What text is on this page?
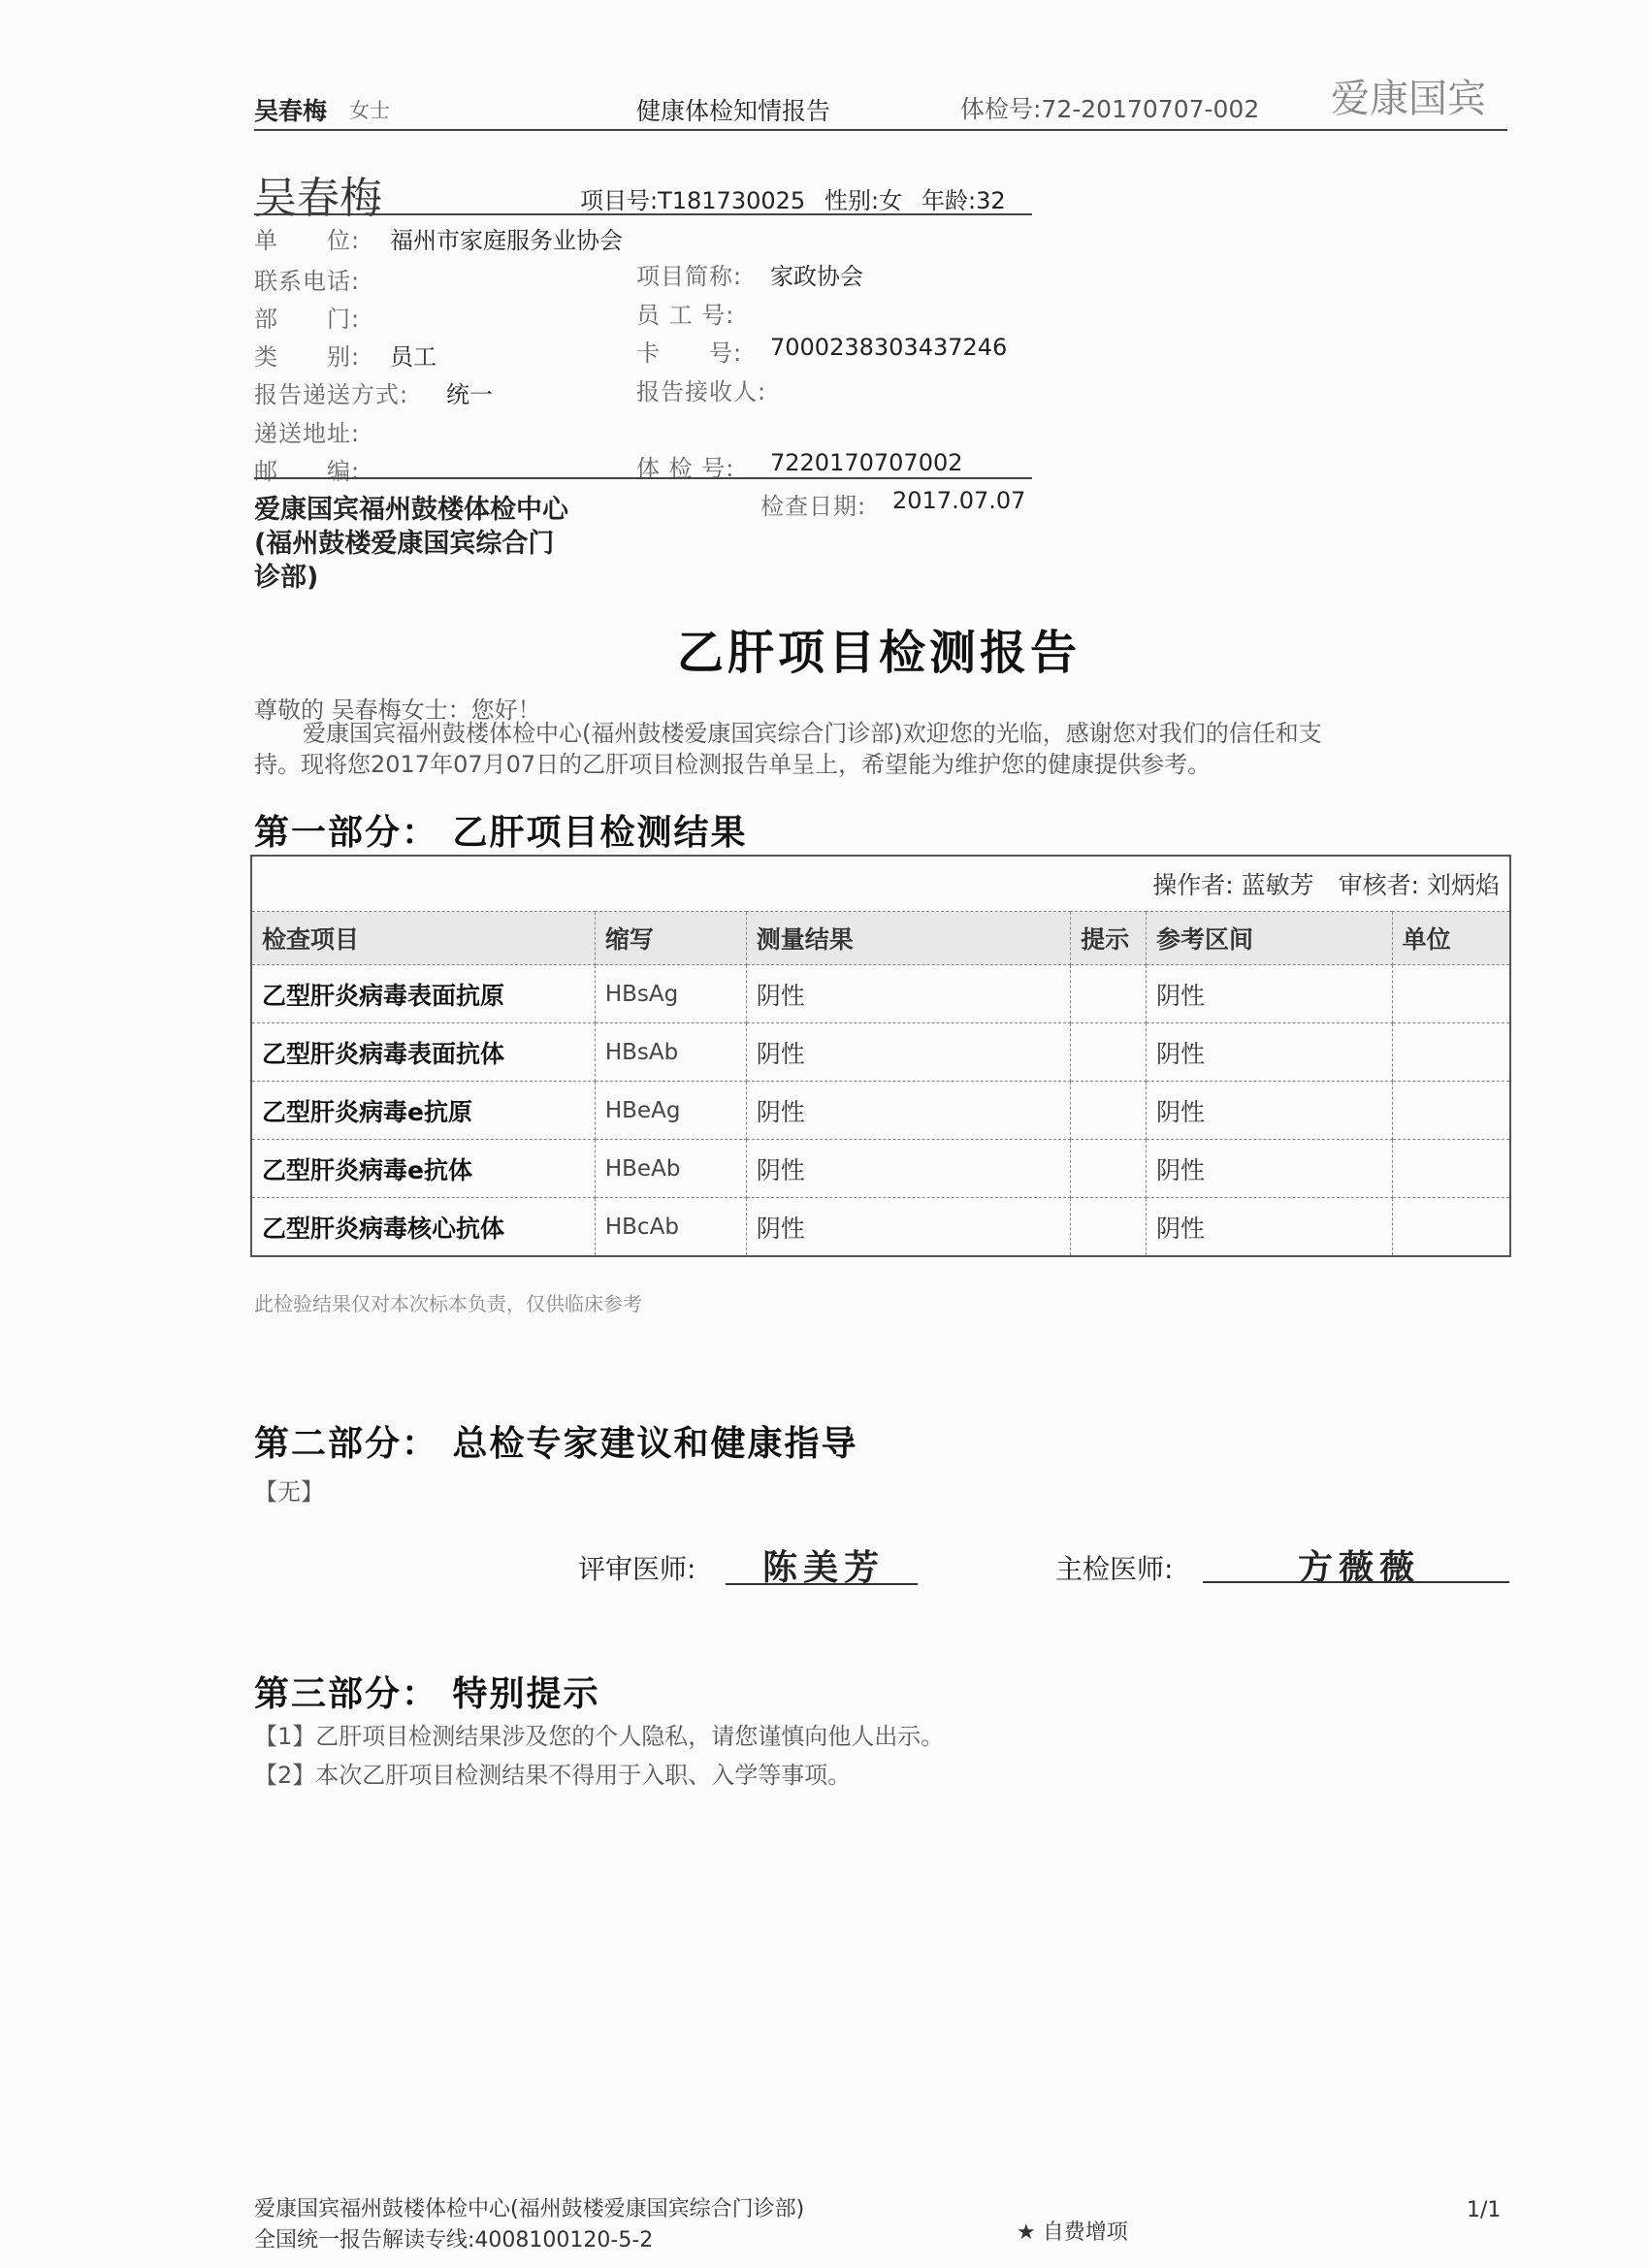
吴春梅 女士	健康体检知情报告	体检号:72-20170707-002 爱康国宾
吴春梅	项目号:T181730025 性别:女 年龄:32
单　　位: 福州市家庭服务业协会
联系电话:
部　　门:
类　　别: 员工
报告递送方式: 统一
递送地址:
邮　　编:
项目简称: 家政协会
员 工 号:
卡　　号: 7000238303437246
报告接收人:
体 检 号: 7220170707002
爱康国宾福州鼓楼体检中心
(福州鼓楼爱康国宾综合门
诊部)
检查日期: 2017.07.07
乙肝项目检测报告
尊敬的 吴春梅女士：您好！
爱康国宾福州鼓楼体检中心(福州鼓楼爱康国宾综合门诊部)欢迎您的光临，感谢您对我们的信任和支
持。现将您2017年07月07日的乙肝项目检测报告单呈上，希望能为维护您的健康提供参考。
第一部分： 乙肝项目检测结果
操作者: 蓝敏芳　审核者: 刘炳焰					
检查项目	缩写	测量结果	提示	参考区间	单位
乙型肝炎病毒表面抗原	HBsAg	阴性		阴性	
乙型肝炎病毒表面抗体	HBsAb	阴性		阴性	
乙型肝炎病毒e抗原	HBeAg	阴性		阴性	
乙型肝炎病毒e抗体	HBeAb	阴性		阴性	
乙型肝炎病毒核心抗体	HBcAb	阴性		阴性	
此检验结果仅对本次标本负责，仅供临床参考
第二部分： 总检专家建议和健康指导
【无】
评审医师: 陈美芳	主检医师:	方薇薇
第三部分： 特别提示
【1】乙肝项目检测结果涉及您的个人隐私，请您谨慎向他人出示。
【2】本次乙肝项目检测结果不得用于入职、入学等事项。
爱康国宾福州鼓楼体检中心(福州鼓楼爱康国宾综合门诊部)
全国统一报告解读专线:4008100120-5-2	★ 自费增项
1/1
